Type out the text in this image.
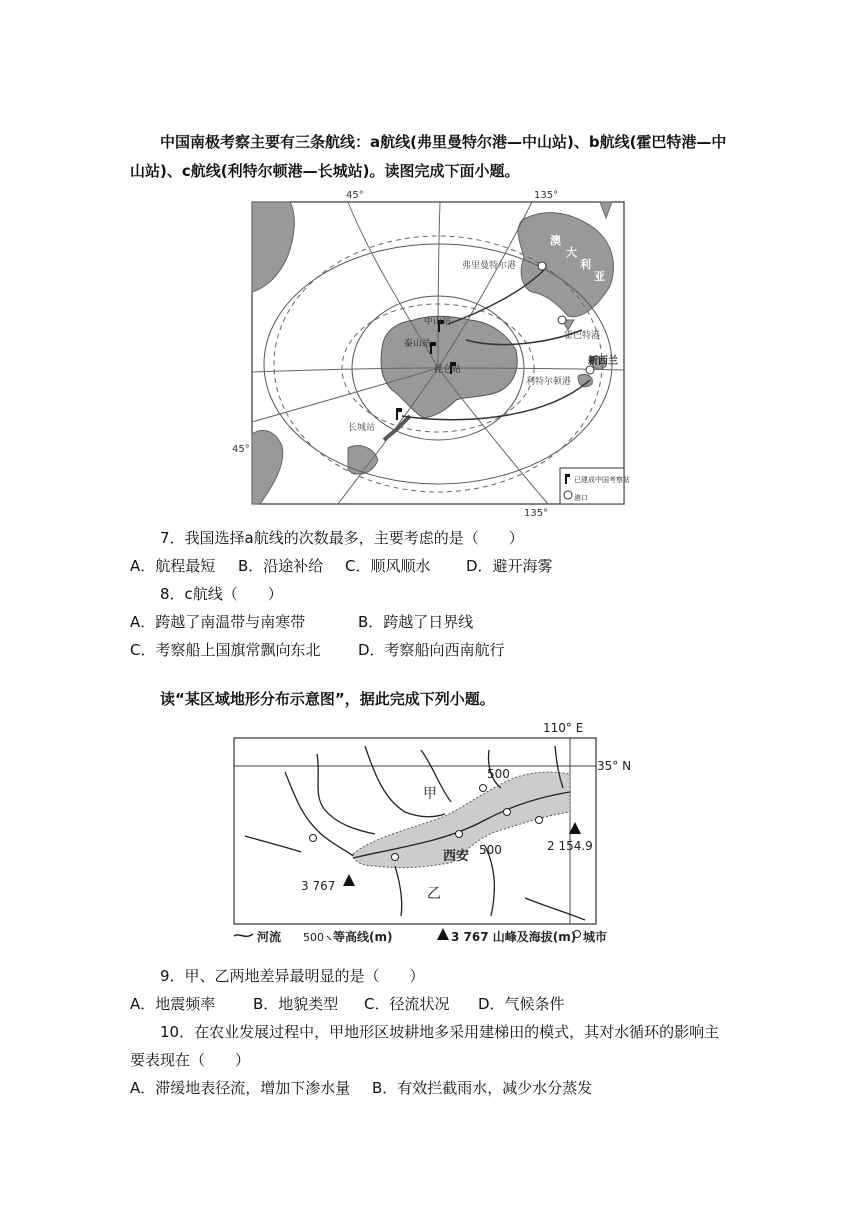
中国南极考察主要有三条航线：a航线(弗里曼特尔港—中山站)、b航线(霍巴特港—中山站)、c航线(利特尔顿港—长城站)。读图完成下面小题。
45°	135°
45°
135°
弗里曼特尔港
澳
大
利
亚
中山站
泰山站
昆仑站
霍巴特港
新西兰
利特尔顿港
长城站
已建成中国考察站
港口
7．我国选择a航线的次数最多，主要考虑的是（　　）
A．航程最短 B．沿途补给 C．顺风顺水 D．避开海雾
8．c航线（　　）
A．跨越了南温带与南寒带	B．跨越了日界线
C．考察船上国旗常飘向东北	D．考察船向西南航行
读“某区域地形分布示意图”，据此完成下列小题。
110° E
35° N
500
500
甲
乙
西安
3 767
2 154.9
河流 500 等高线(m)	3 767 山峰及海拔(m) 城市
9．甲、乙两地差异最明显的是（　　）
A．地震频率	B．地貌类型 C．径流状况 D．气候条件
10．在农业发展过程中，甲地形区坡耕地多采用建梯田的模式，其对水循环的影响主
要表现在（　　）
A．滞缓地表径流，增加下渗水量 B．有效拦截雨水，减少水分蒸发
